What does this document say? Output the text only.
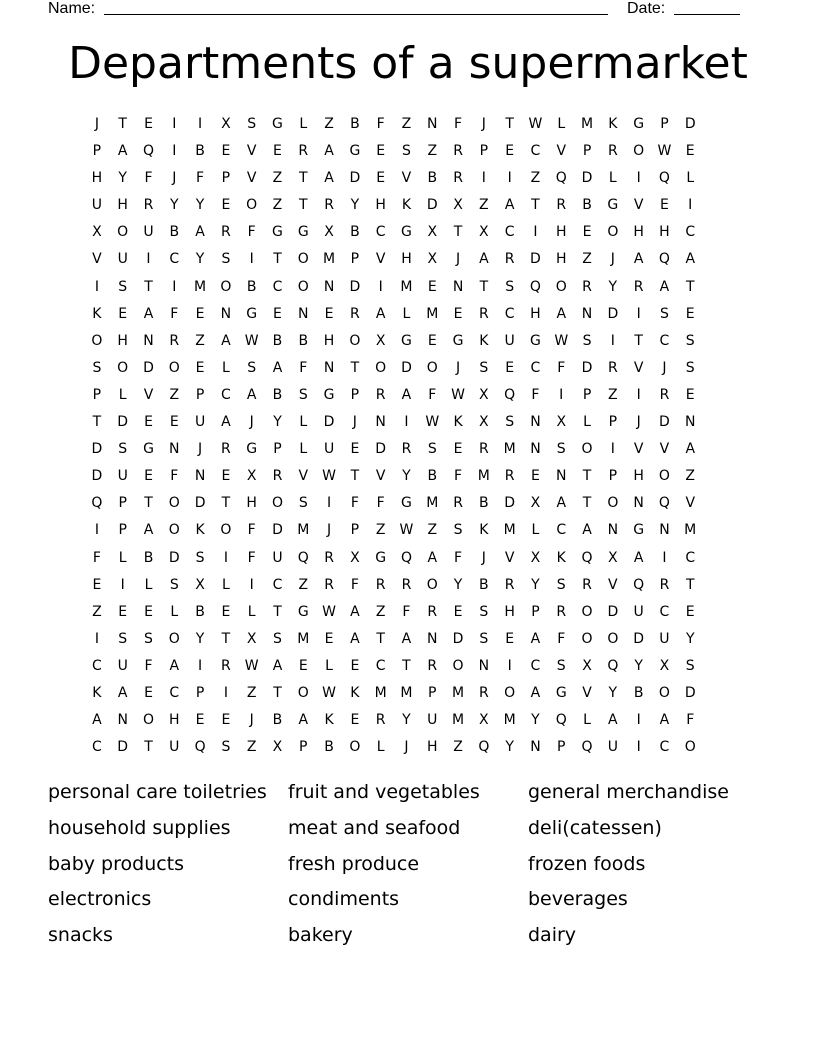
Name:	Date:
Departments of a supermarket
J	T	E	I	I	X	S	G	L	Z	B	F	Z	N	F	J	T	W	L	M	K	G	P	D
P	A	Q	I	B	E	V	E	R	A	G	E	S	Z	R	P	E	C	V	P	R	O W	E
H	Y	F	J	F	P	V	Z	T	A	D	E	V	B	R	I	I	Z	Q	D	L	I	Q	L
U	H	R	Y	Y	E	O	Z	T	R	Y	H	K	D	X	Z	A	T	R	B	G	V	E	I
X	O	U	B	A	R	F	G	G	X	B	C	G	X	T	X	C	I	H	E	O	H	H	C
V	U	I	C	Y	S	I	T	O	M	P	V	H	X	J	A	R	D	H	Z	J	A	Q	A
I	S	T	I	M	O	B	C	O	N	D	I	M	E	N	T	S	Q	O	R	Y	R	A	T
K	E	A	F	E	N	G	E	N	E	R	A	L	M	E	R	C	H	A	N	D	I	S	E
O	H	N	R	Z	A	W	B	B	H	O	X	G	E	G	K	U	G W	S	I	T	C	S
S	O	D	O	E	L	S	A	F	N	T	O	D	O	J	S	E	C	F	D	R	V	J	S
P	L	V	Z	P	C	A	B	S	G	P	R	A	F	W	X	Q	F	I	P	Z	I	R	E
T	D	E	E	U	A	J	Y	L	D	J	N	I	W	K	X	S	N	X	L	P	J	D	N
D	S	G	N	J	R	G	P	L	U	E	D	R	S	E	R	M	N	S	O	I	V	V	A
D	U	E	F	N	E	X	R	V	W	T	V	Y	B	F	M	R	E	N	T	P	H	O	Z
Q	P	T	O	D	T	H	O	S	I	F	F	G	M	R	B	D	X	A	T	O	N	Q	V
I	P	A	O	K	O	F	D	M	J	P	Z	W	Z	S	K	M	L	C	A	N	G	N	M
F	L	B	D	S	I	F	U	Q	R	X	G	Q	A	F	J	V	X	K	Q	X	A	I	C
E	I	L	S	X	L	I	C	Z	R	F	R	R	O	Y	B	R	Y	S	R	V	Q	R	T
Z	E	E	L	B	E	L	T	G W	A	Z	F	R	E	S	H	P	R	O	D	U	C	E
I	S	S	O	Y	T	X	S	M	E	A	T	A	N	D	S	E	A	F	O	O	D	U	Y
C	U	F	A	I	R	W	A	E	L	E	C	T	R	O	N	I	C	S	X	Q	Y	X	S
K	A	E	C	P	I	Z	T	O W	K	M M	P	M	R	O	A	G	V	Y	B	O	D
A	N	O	H	E	E	J	B	A	K	E	R	Y	U	M	X	M	Y	Q	L	A	I	A	F
C	D	T	U	Q	S	Z	X	P	B	O	L	J	H	Z	Q	Y	N	P	Q	U	I	C	O
personal care toiletries	fruit and vegetables	general merchandise
household supplies	meat and seafood	deli(catessen)
baby products	fresh produce	frozen foods
electronics	condiments	beverages
snacks	bakery	dairy
